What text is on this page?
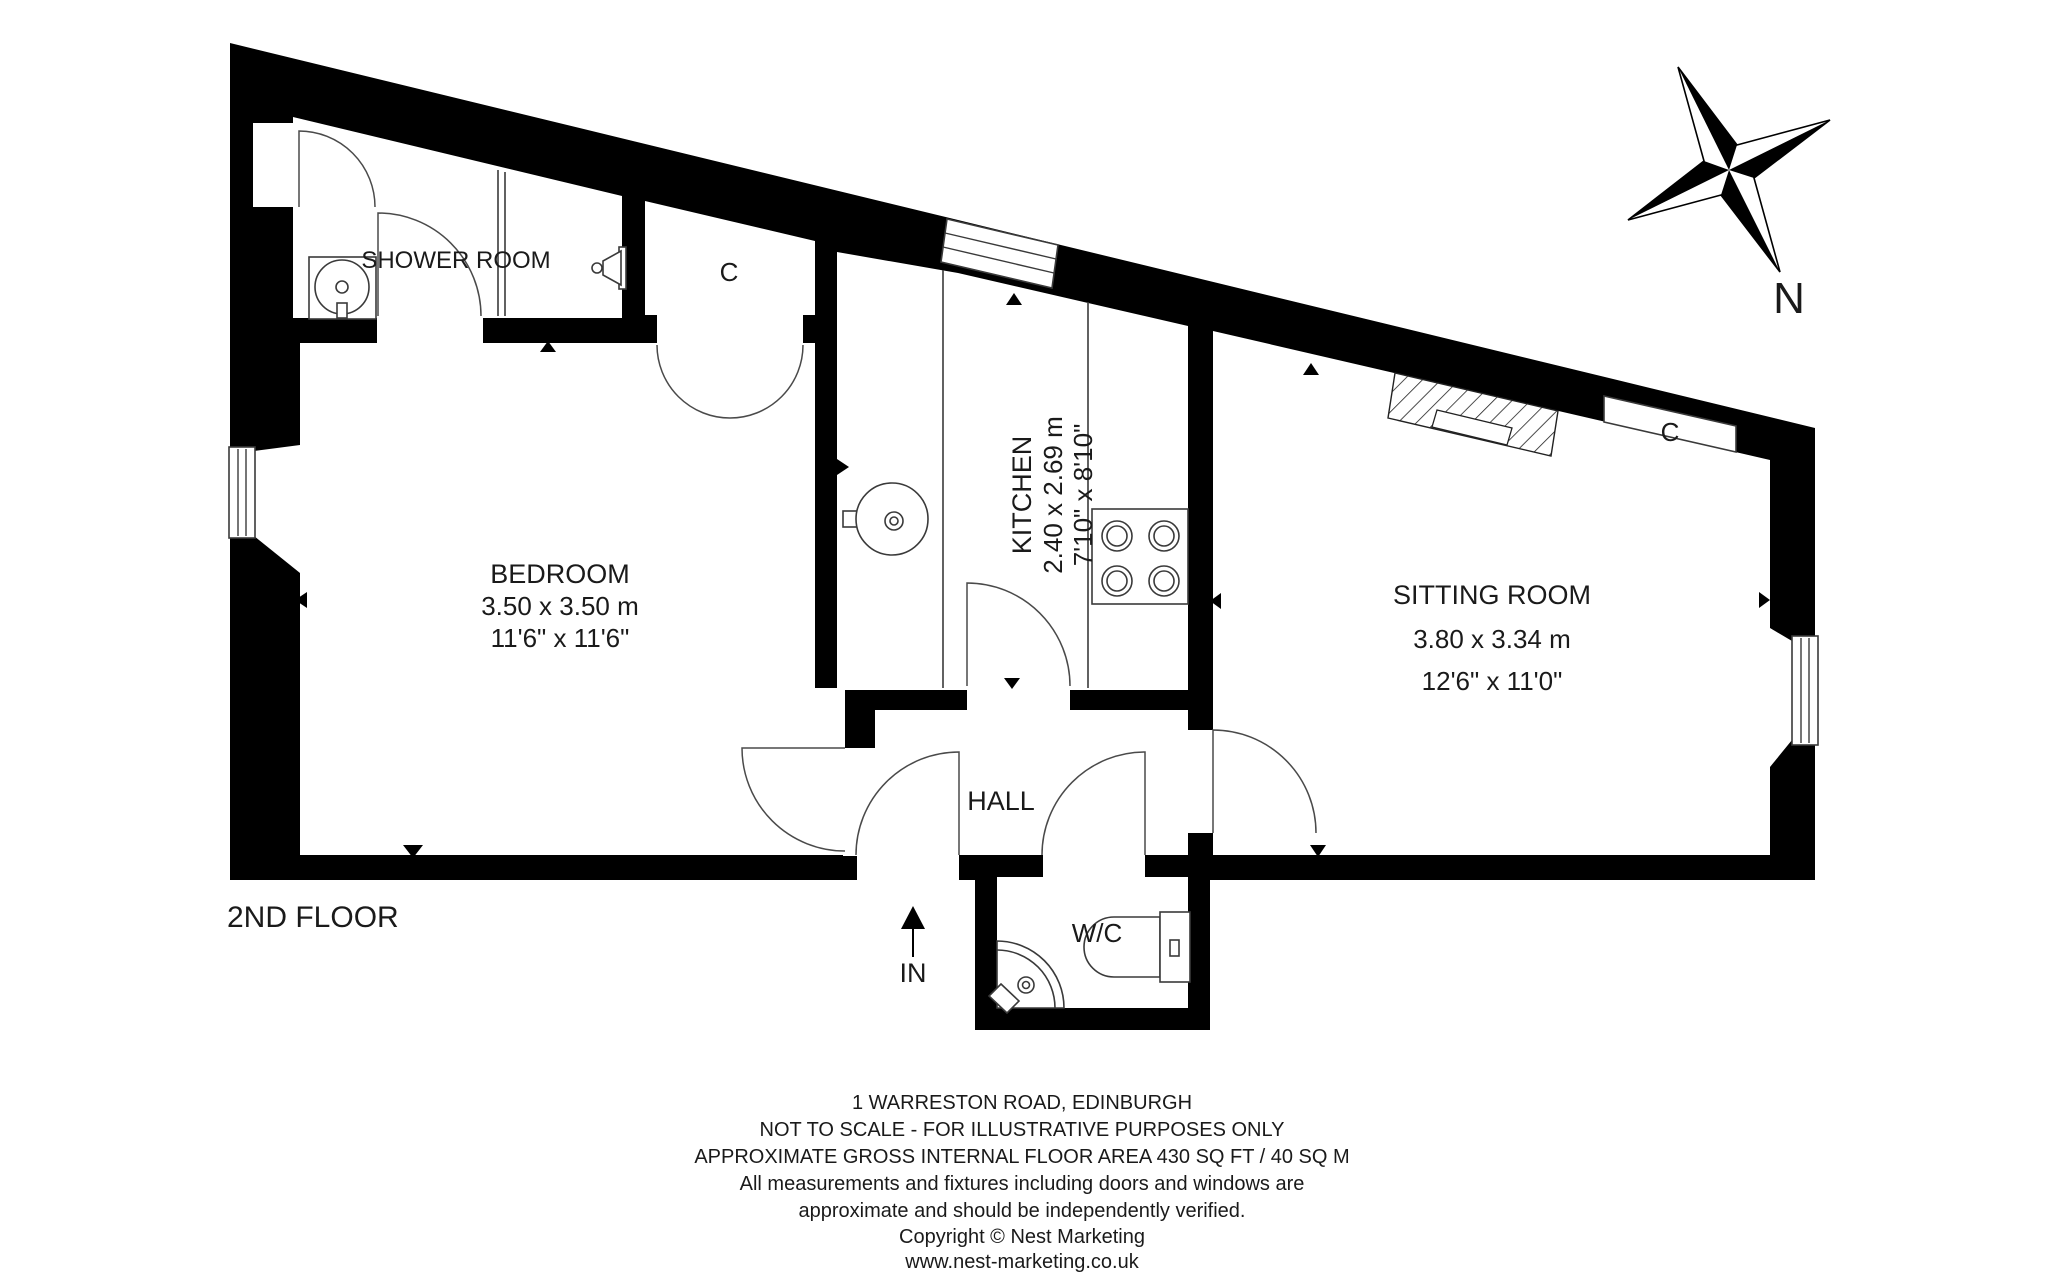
SHOWER ROOM	C
C
BEDROOM
3.50 x 3.50 m
11'6" x 11'6"
KITCHEN 2.40 x 2.69 m 7'10" x 8'10"
SITTING ROOM
3.80 x 3.34 m
12'6" x 11'0"
HALL
W/C
IN
N
2ND FLOOR
1 WARRESTON ROAD, EDINBURGH
NOT TO SCALE - FOR ILLUSTRATIVE PURPOSES ONLY
APPROXIMATE GROSS INTERNAL FLOOR AREA 430 SQ FT / 40 SQ M
All measurements and fixtures including doors and windows are
approximate and should be independently verified.
Copyright © Nest Marketing
www.nest-marketing.co.uk
